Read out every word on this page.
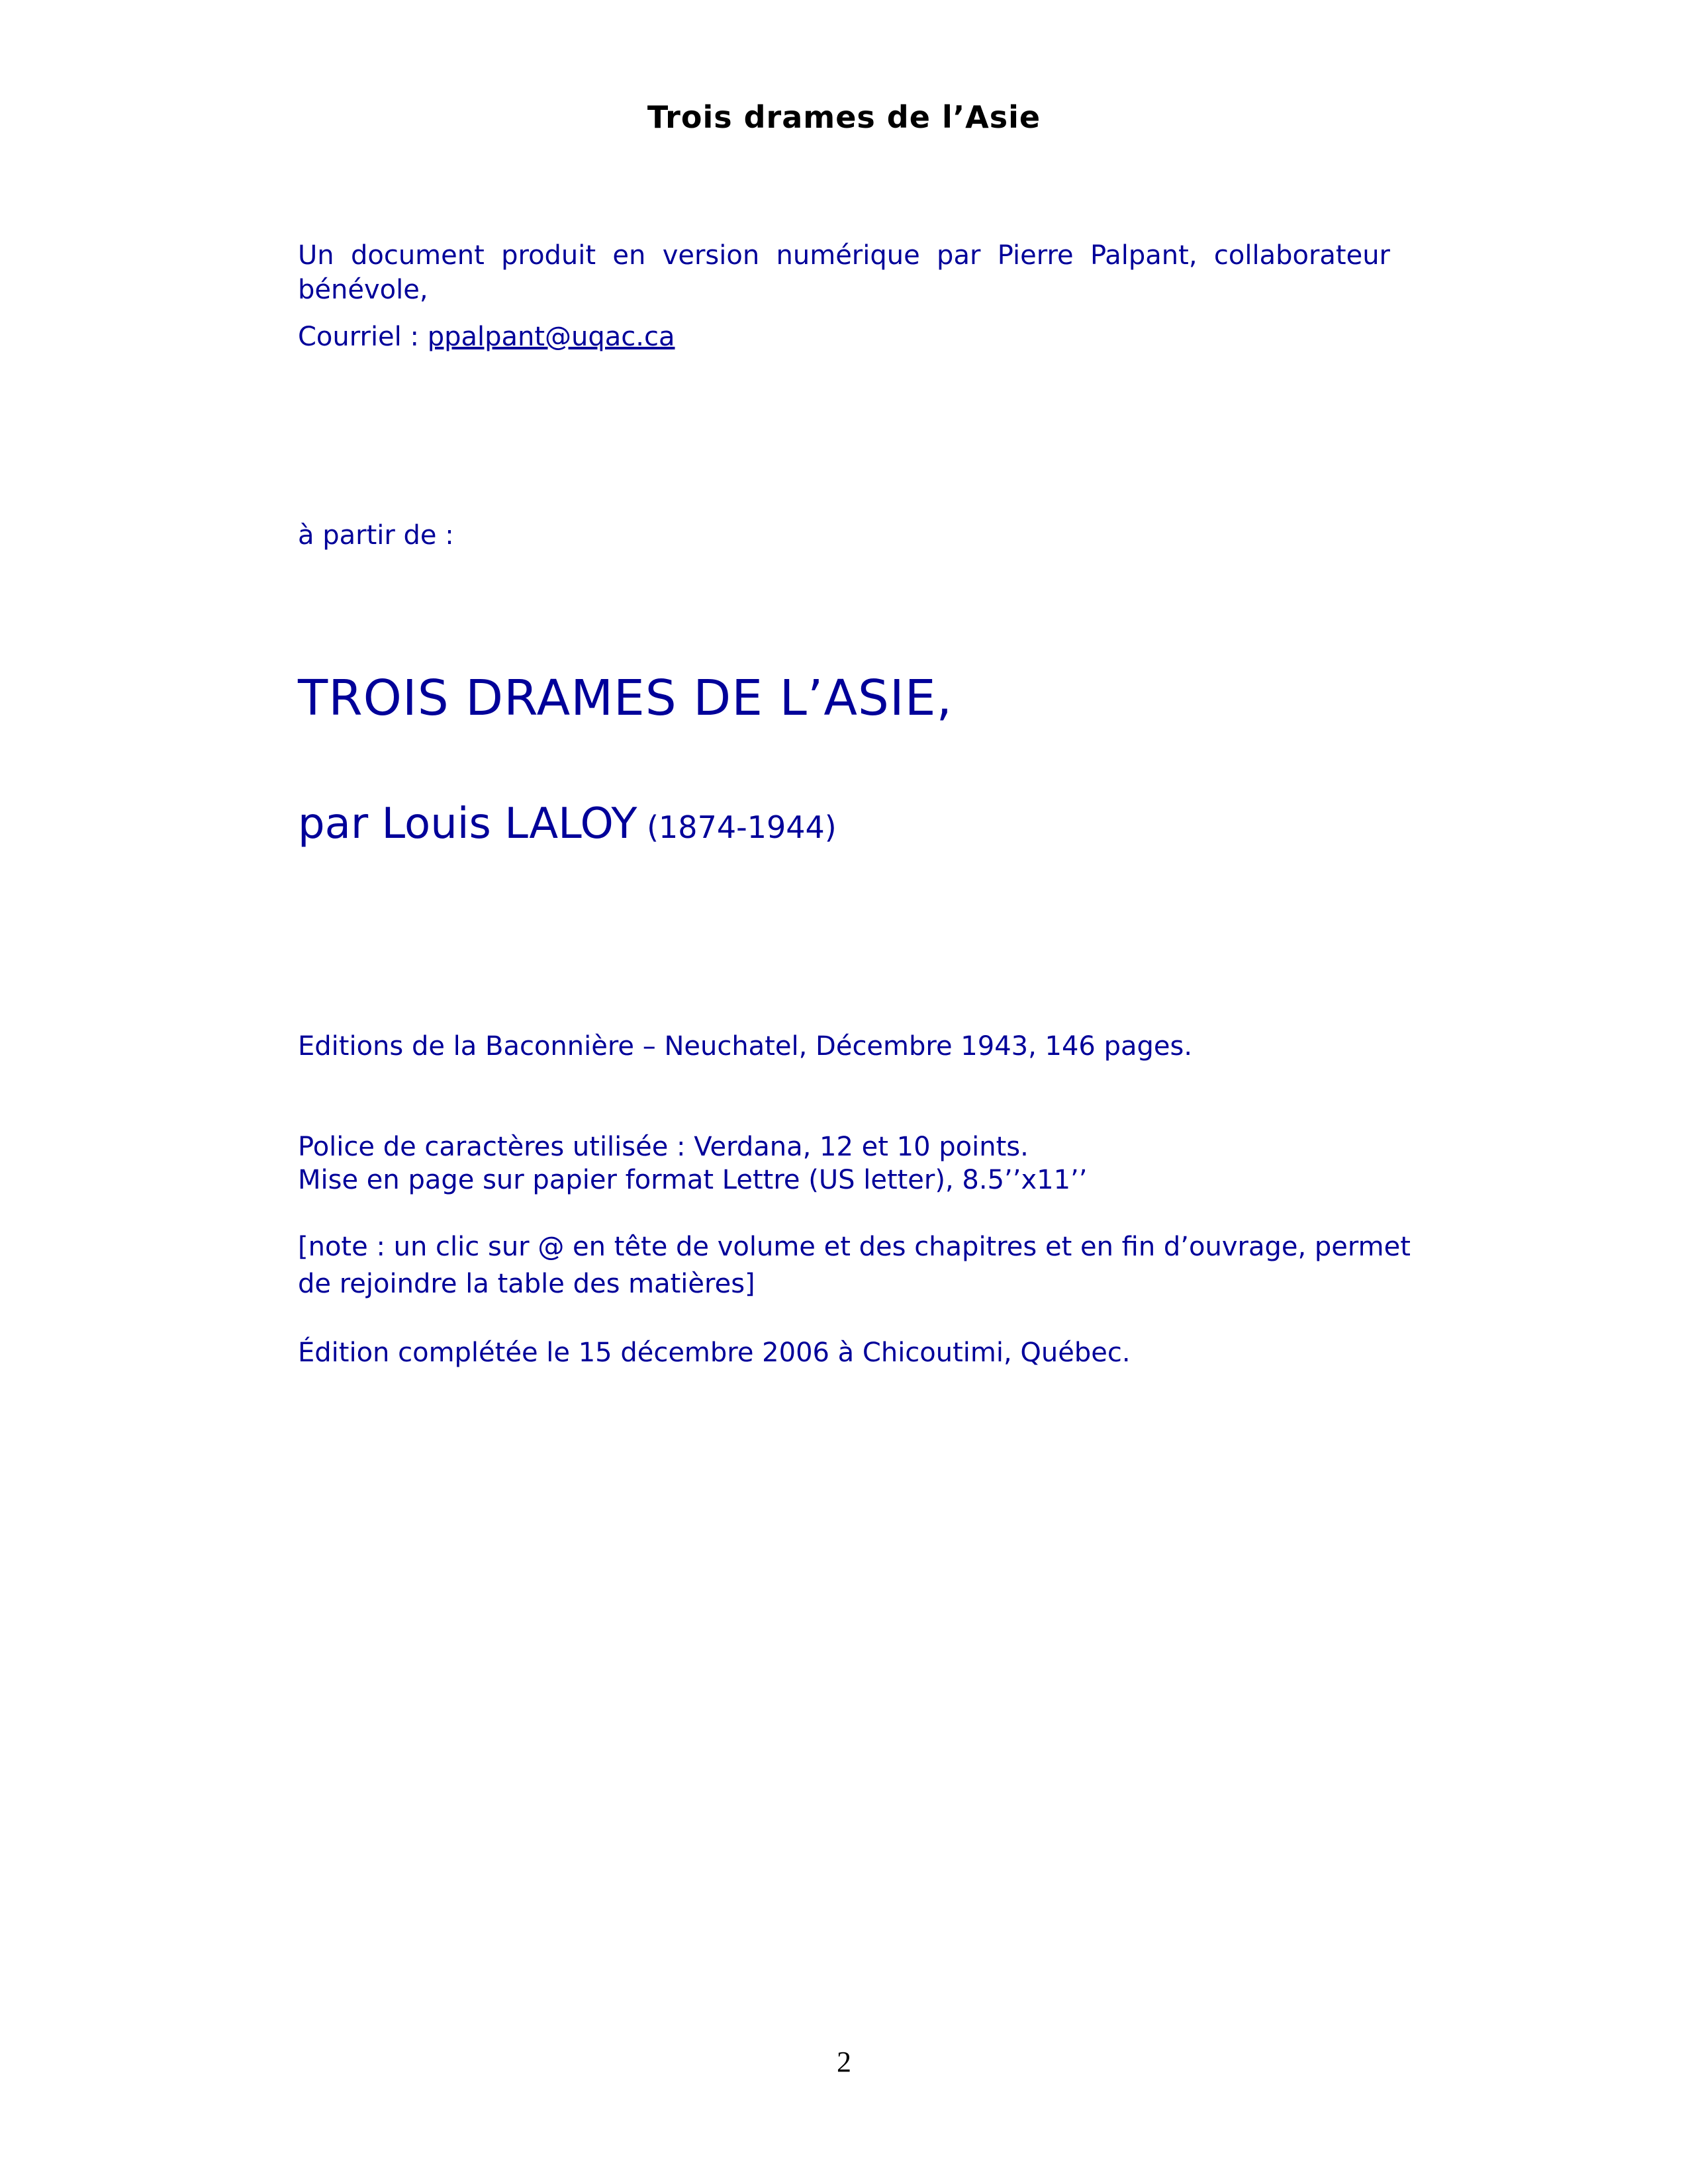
Trois drames de l’Asie
Un document produit en version numérique par Pierre Palpant, collaborateur bénévole,
Courriel : ppalpant@uqac.ca
à partir de :
TROIS DRAMES DE L’ASIE,
par Louis LALOY (1874-1944)
Editions de la Baconnière – Neuchatel, Décembre 1943, 146 pages.
Police de caractères utilisée : Verdana, 12 et 10 points.
Mise en page sur papier format Lettre (US letter), 8.5’’x11’’
[note : un clic sur @ en tête de volume et des chapitres et en fin d’ouvrage, permet de rejoindre la table des matières]
Édition complétée le 15 décembre 2006 à Chicoutimi, Québec.
2
